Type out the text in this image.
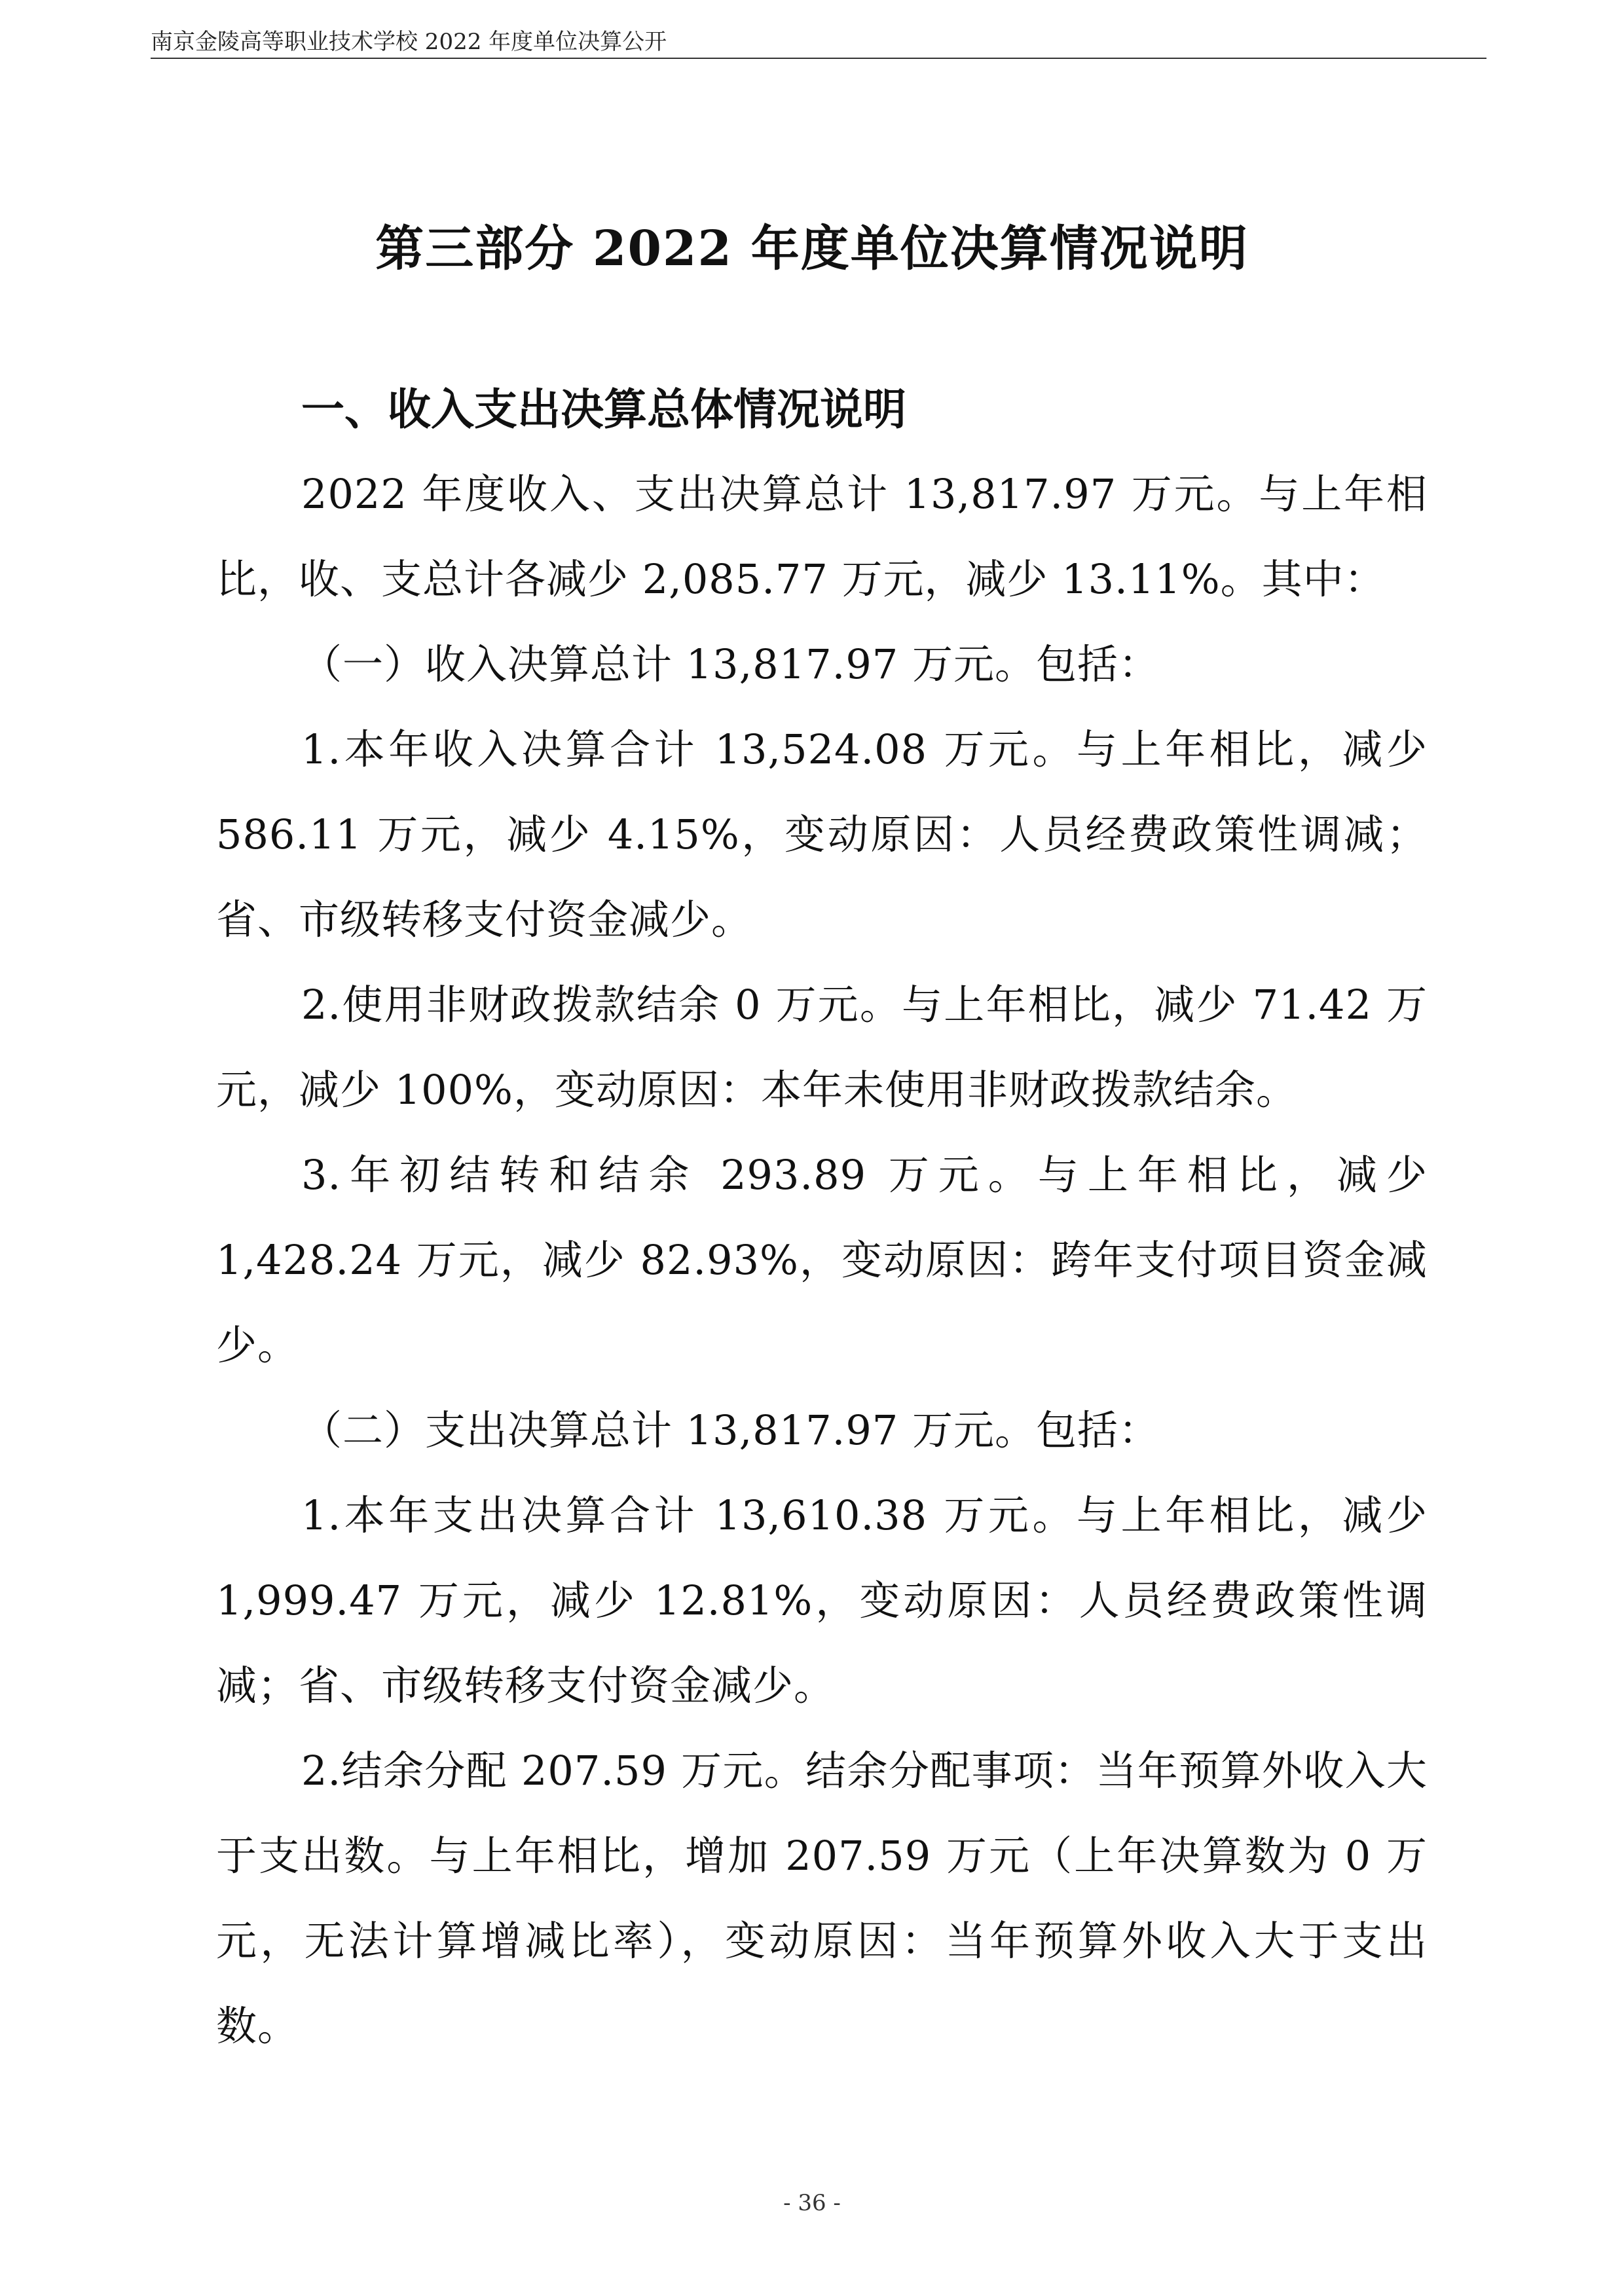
南京金陵高等职业技术学校 2022 年度单位决算公开
第三部分 2022 年度单位决算情况说明

一、收入支出决算总体情况说明

2022 年度收入、支出决算总计 13,817.97 万元。与上年相比，收、支总计各减少 2,085.77 万元，减少 13.11%。其中：

（一）收入决算总计 13,817.97 万元。包括：

1.本年收入决算合计 13,524.08 万元。与上年相比，减少 586.11 万元，减少 4.15%，变动原因：人员经费政策性调减；省、市级转移支付资金减少。

2.使用非财政拨款结余 0 万元。与上年相比，减少 71.42 万元，减少 100%，变动原因：本年未使用非财政拨款结余。

3.年初结转和结余 293.89 万元。与上年相比，减少 1,428.24 万元，减少 82.93%，变动原因：跨年支付项目资金减少。

（二）支出决算总计 13,817.97 万元。包括：

1.本年支出决算合计 13,610.38 万元。与上年相比，减少 1,999.47 万元，减少 12.81%，变动原因：人员经费政策性调减；省、市级转移支付资金减少。

2.结余分配 207.59 万元。结余分配事项：当年预算外收入大于支出数。与上年相比，增加 207.59 万元（上年决算数为 0 万元，无法计算增减比率），变动原因：当年预算外收入大于支出数。

- 36 -
